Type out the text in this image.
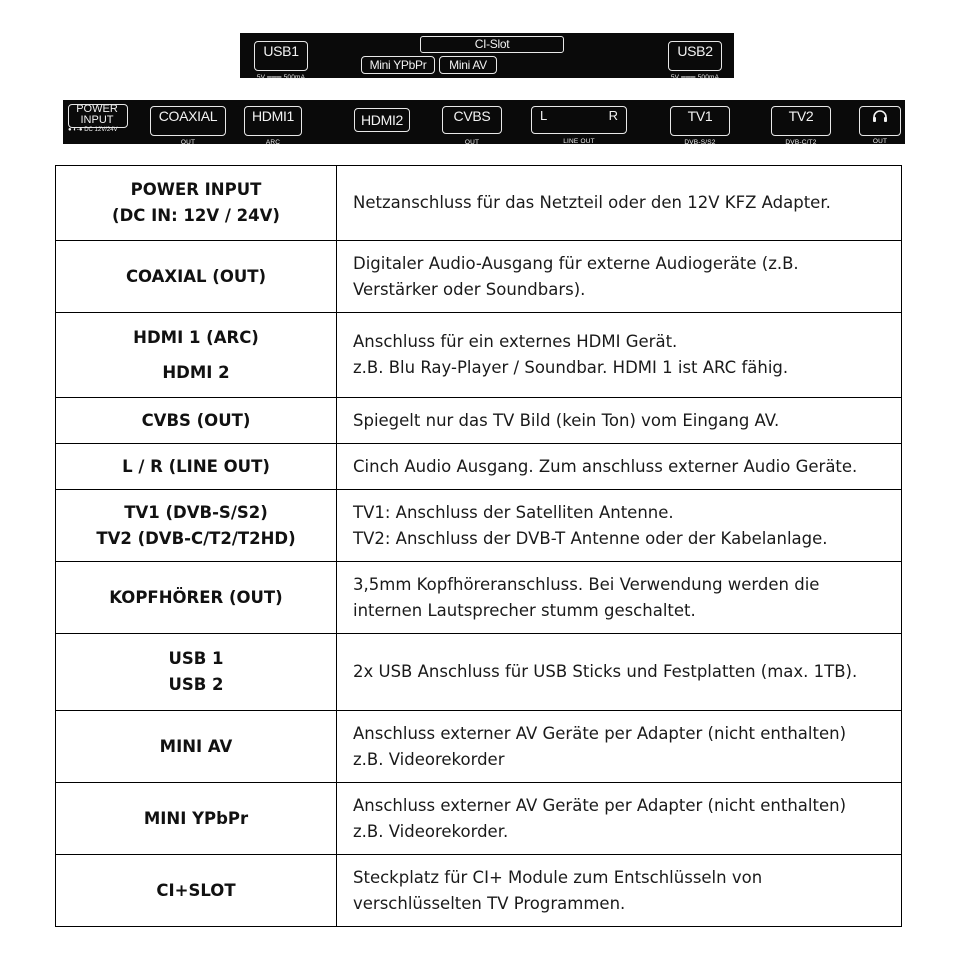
USB1
5V ═══ 500mA
CI-Slot
Mini YPbPr	Mini AV
USB2
5V ═══ 500mA
POWER
INPUT
● ◐-● DC 12V/24V
COAXIAL
OUT
HDMI1
ARC
HDMI2	CVBS
OUT
L	R
LINE OUT
TV1
DVB-S/S2
TV2
DVB-C/T2	OUT
POWER INPUT
(DC IN: 12V / 24V)	Netzanschluss für das Netzteil oder den 12V KFZ Adapter.

COAXIAL (OUT)	Digitaler Audio-Ausgang für externe Audiogeräte (z.B.
Verstärker oder Soundbars).

HDMI 1 (ARC)
HDMI 2	Anschluss für ein externes HDMI Gerät.
z.B. Blu Ray-Player / Soundbar. HDMI 1 ist ARC fähig.

CVBS (OUT)	Spiegelt nur das TV Bild (kein Ton) vom Eingang AV.

L / R (LINE OUT)	Cinch Audio Ausgang. Zum anschluss externer Audio Geräte.

TV1 (DVB-S/S2)
TV2 (DVB-C/T2/T2HD)	TV1: Anschluss der Satelliten Antenne.
TV2: Anschluss der DVB-T Antenne oder der Kabelanlage.

KOPFHÖRER (OUT)	3,5mm Kopfhöreranschluss. Bei Verwendung werden die
internen Lautsprecher stumm geschaltet.

USB 1
USB 2	2x USB Anschluss für USB Sticks und Festplatten (max. 1TB).

MINI AV	Anschluss externer AV Geräte per Adapter (nicht enthalten)
z.B. Videorekorder

MINI YPbPr	Anschluss externer AV Geräte per Adapter (nicht enthalten)
z.B. Videorekorder.

CI+SLOT	Steckplatz für CI+ Module zum Entschlüsseln von
verschlüsselten TV Programmen.
